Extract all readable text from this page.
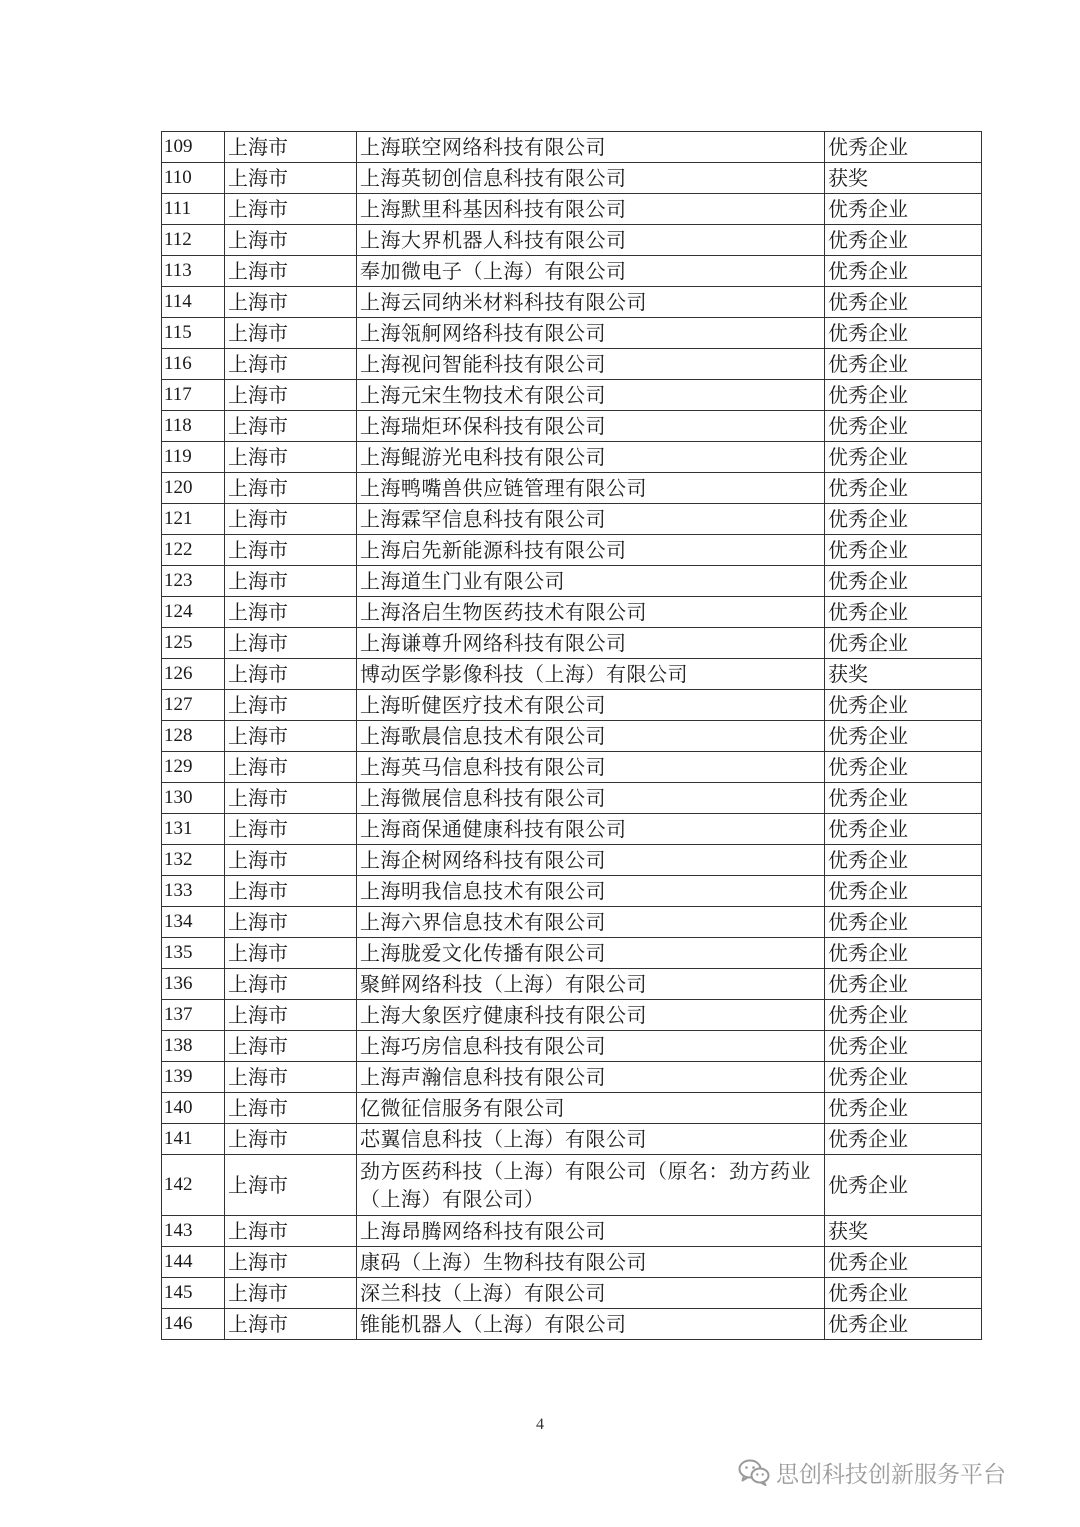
109	上海市	上海联空网络科技有限公司	优秀企业
110	上海市	上海英韧创信息科技有限公司	获奖
111	上海市	上海默里科基因科技有限公司	优秀企业
112	上海市	上海大界机器人科技有限公司	优秀企业
113	上海市	奉加微电子（上海）有限公司	优秀企业
114	上海市	上海云同纳米材料科技有限公司	优秀企业
115	上海市	上海瓴舸网络科技有限公司	优秀企业
116	上海市	上海视问智能科技有限公司	优秀企业
117	上海市	上海元宋生物技术有限公司	优秀企业
118	上海市	上海瑞炬环保科技有限公司	优秀企业
119	上海市	上海鲲游光电科技有限公司	优秀企业
120	上海市	上海鸭嘴兽供应链管理有限公司	优秀企业
121	上海市	上海霖罕信息科技有限公司	优秀企业
122	上海市	上海启先新能源科技有限公司	优秀企业
123	上海市	上海道生门业有限公司	优秀企业
124	上海市	上海洛启生物医药技术有限公司	优秀企业
125	上海市	上海谦尊升网络科技有限公司	优秀企业
126	上海市	博动医学影像科技（上海）有限公司	获奖
127	上海市	上海昕健医疗技术有限公司	优秀企业
128	上海市	上海歌晨信息技术有限公司	优秀企业
129	上海市	上海英马信息科技有限公司	优秀企业
130	上海市	上海微展信息科技有限公司	优秀企业
131	上海市	上海商保通健康科技有限公司	优秀企业
132	上海市	上海企树网络科技有限公司	优秀企业
133	上海市	上海明我信息技术有限公司	优秀企业
134	上海市	上海六界信息技术有限公司	优秀企业
135	上海市	上海胧爱文化传播有限公司	优秀企业
136	上海市	聚鲜网络科技（上海）有限公司	优秀企业
137	上海市	上海大象医疗健康科技有限公司	优秀企业
138	上海市	上海巧房信息科技有限公司	优秀企业
139	上海市	上海声瀚信息科技有限公司	优秀企业
140	上海市	亿微征信服务有限公司	优秀企业
141	上海市	芯翼信息科技（上海）有限公司	优秀企业
142	上海市	劲方医药科技（上海）有限公司（原名：劲方药业（上海）有限公司）	优秀企业
143	上海市	上海昂腾网络科技有限公司	获奖
144	上海市	康码（上海）生物科技有限公司	优秀企业
145	上海市	深兰科技（上海）有限公司	优秀企业
146	上海市	锥能机器人（上海）有限公司	优秀企业
4
思创科技创新服务平台
